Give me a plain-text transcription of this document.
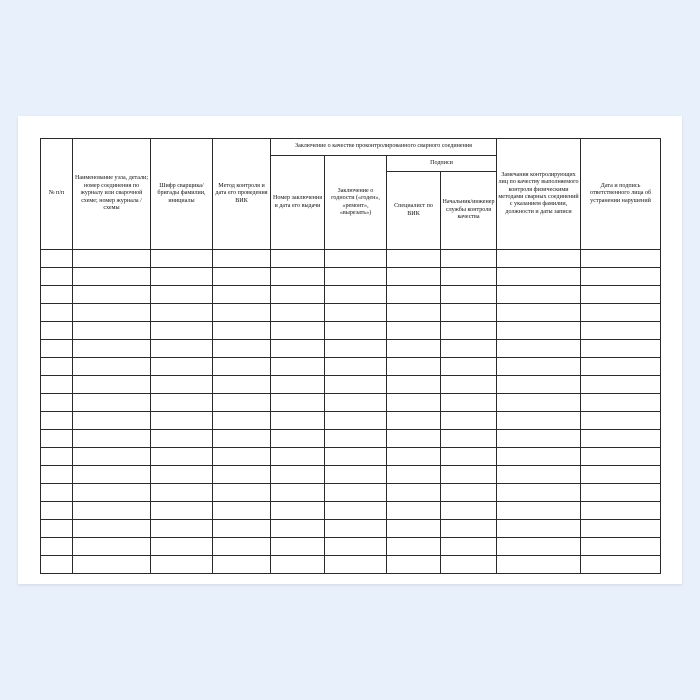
№ п/п	Наименование узла, детали; номер соединения по журналу или сварочной схеме; номер журнала /схемы	Шифр сварщика/бригады фамилии, инициалы	Метод контроля и дата его проведения ВИК	Заключение о качестве проконтролированного сварного соединения				Замечания контролирующих лиц по качеству выполняемого контроля физическими методами сварных соединений с указанием фамилии, должности и даты записи	Дата и подпись ответственного лица об устранении нарушений
				Номер заключения и дата его выдачи	Заключение о годности («годен», «ремонт», «вырезать»)	Подписи			
						Специалист по ВИК	Начальник/инженер службы контроля качества		
